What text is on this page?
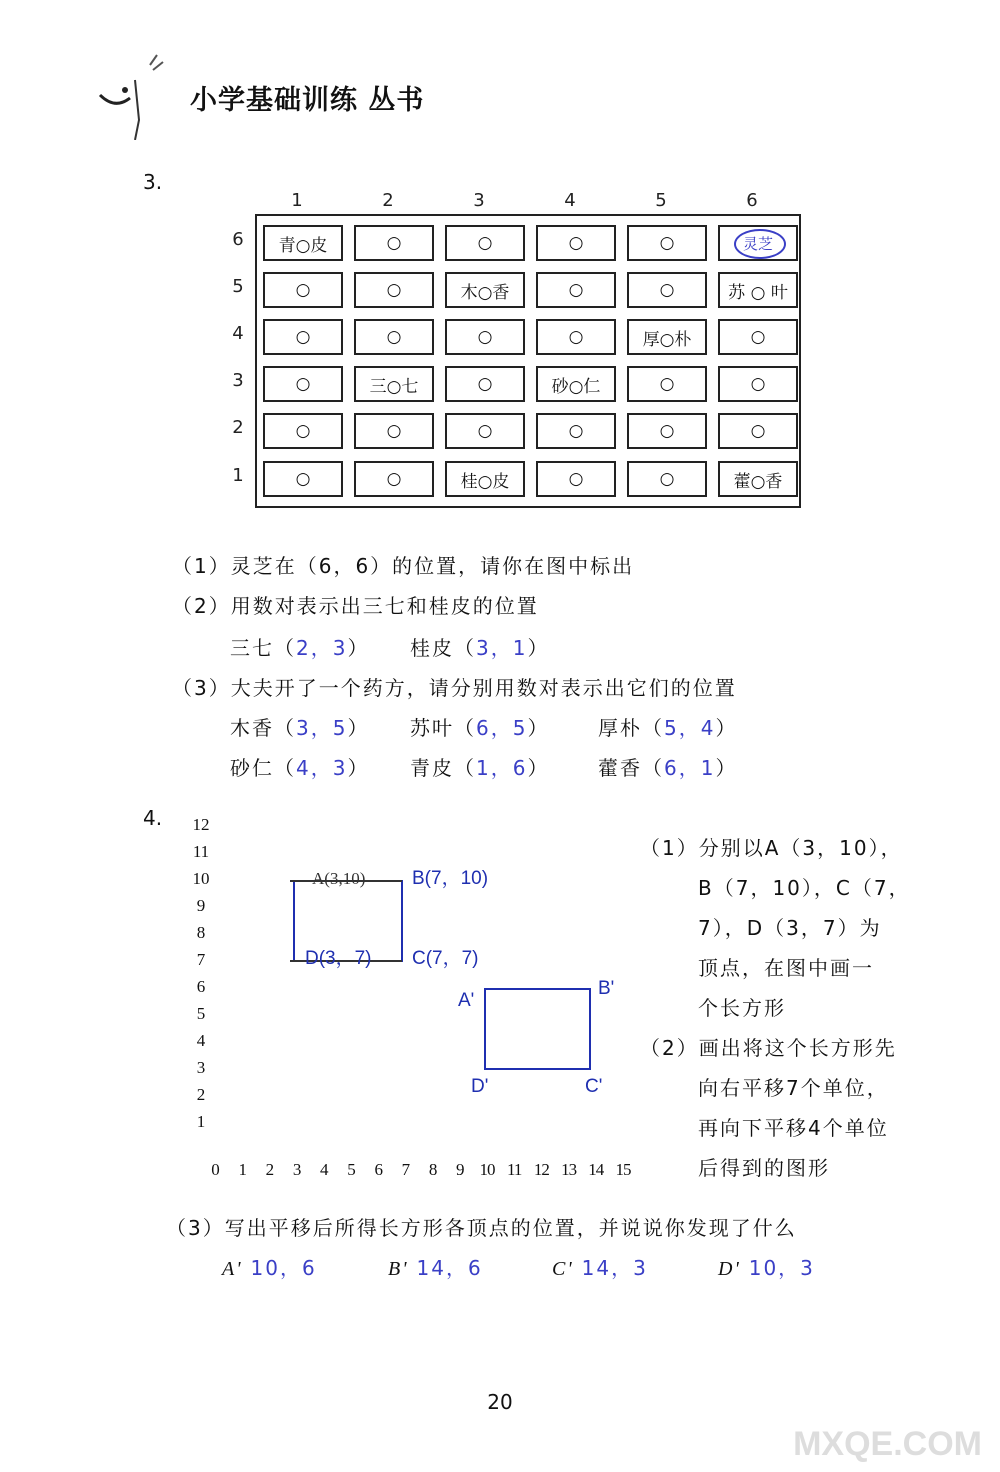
小学基础训练 丛书
3.
1	2	3	4	5	6
6
5
4
3
2
1
青○皮	○	○	○	○	灵芝
○	○	木○香	○	○	苏 ○ 叶
○	○	○	○	厚○朴	○
○	三○七	○	砂○仁	○	○
○	○	○	○	○	○
○	○	桂○皮	○	○	藿○香
（1）灵芝在（6，6）的位置，请你在图中标出
（2）用数对表示出三七和桂皮的位置
三七（2，3） 桂皮（3，1）
（3）大夫开了一个药方，请分别用数对表示出它们的位置
木香（3，5） 苏叶（6，5） 厚朴（5，4）
砂仁（4，3） 青皮（1，6） 藿香（6，1）
4.	12
11
10
9
8
7
6
5
4
3
2
1
0	1	2	3	4	5	6	7	8	9 10 11 12 13 14 15
A(3,10) B(7，10)
D(3，7) C(7，7)
A'
B'
D'	C'
（1）分别以A（3，10），
B（7，10），C（7，
7），D（3，7）为
顶点，在图中画一
个长方形
（2）画出将这个长方形先
向右平移7个单位，
再向下平移4个单位
后得到的图形
（3）写出平移后所得长方形各顶点的位置，并说说你发现了什么
A' 10，6	B' 14，6	C' 14，3	D' 10，3
20
MXQE.COM
